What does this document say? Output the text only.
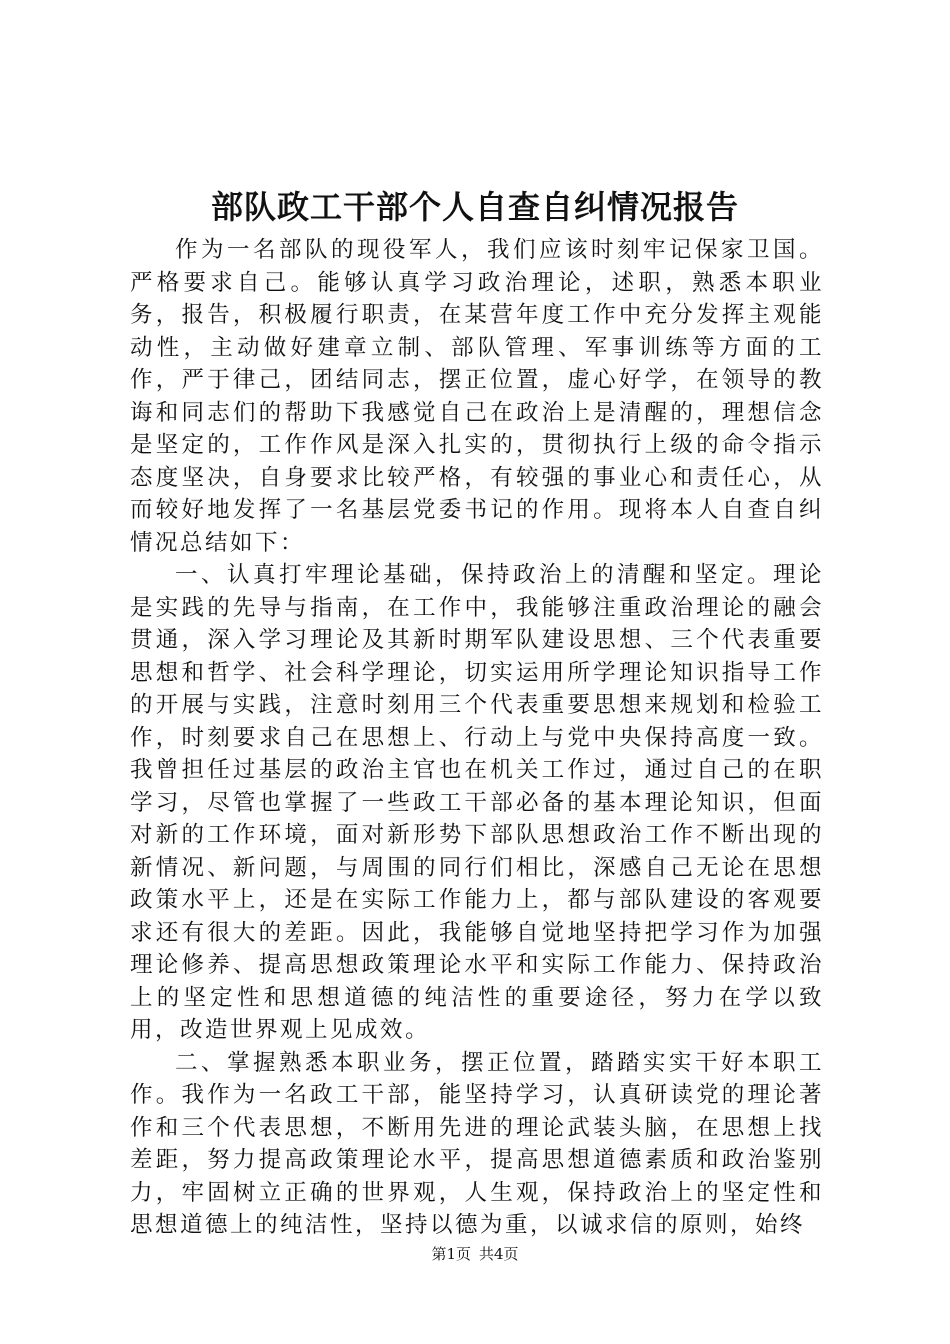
部队政工干部个人自查自纠情况报告

作为一名部队的现役军人，我们应该时刻牢记保家卫国。严格要求自己。能够认真学习政治理论，述职，熟悉本职业务，报告，积极履行职责，在某营年度工作中充分发挥主观能动性，主动做好建章立制、部队管理、军事训练等方面的工作，严于律己，团结同志，摆正位置，虚心好学，在领导的教诲和同志们的帮助下我感觉自己在政治上是清醒的，理想信念是坚定的，工作作风是深入扎实的，贯彻执行上级的命令指示态度坚决，自身要求比较严格，有较强的事业心和责任心，从而较好地发挥了一名基层党委书记的作用。现将本人自查自纠情况总结如下：

一、认真打牢理论基础，保持政治上的清醒和坚定。理论是实践的先导与指南，在工作中，我能够注重政治理论的融会贯通，深入学习理论及其新时期军队建设思想、三个代表重要思想和哲学、社会科学理论，切实运用所学理论知识指导工作的开展与实践，注意时刻用三个代表重要思想来规划和检验工作，时刻要求自己在思想上、行动上与党中央保持高度一致。我曾担任过基层的政治主官也在机关工作过，通过自己的在职学习，尽管也掌握了一些政工干部必备的基本理论知识，但面对新的工作环境，面对新形势下部队思想政治工作不断出现的新情况、新问题，与周围的同行们相比，深感自己无论在思想政策水平上，还是在实际工作能力上，都与部队建设的客观要求还有很大的差距。因此，我能够自觉地坚持把学习作为加强理论修养、提高思想政策理论水平和实际工作能力、保持政治上的坚定性和思想道德的纯洁性的重要途径，努力在学以致用，改造世界观上见成效。

二、掌握熟悉本职业务，摆正位置，踏踏实实干好本职工作。我作为一名政工干部，能坚持学习，认真研读党的理论著作和三个代表思想，不断用先进的理论武装头脑，在思想上找差距，努力提高政策理论水平，提高思想道德素质和政治鉴别力，牢固树立正确的世界观，人生观，保持政治上的坚定性和思想道德上的纯洁性，坚持以德为重，以诚求信的原则，始终

第1页 共4页
